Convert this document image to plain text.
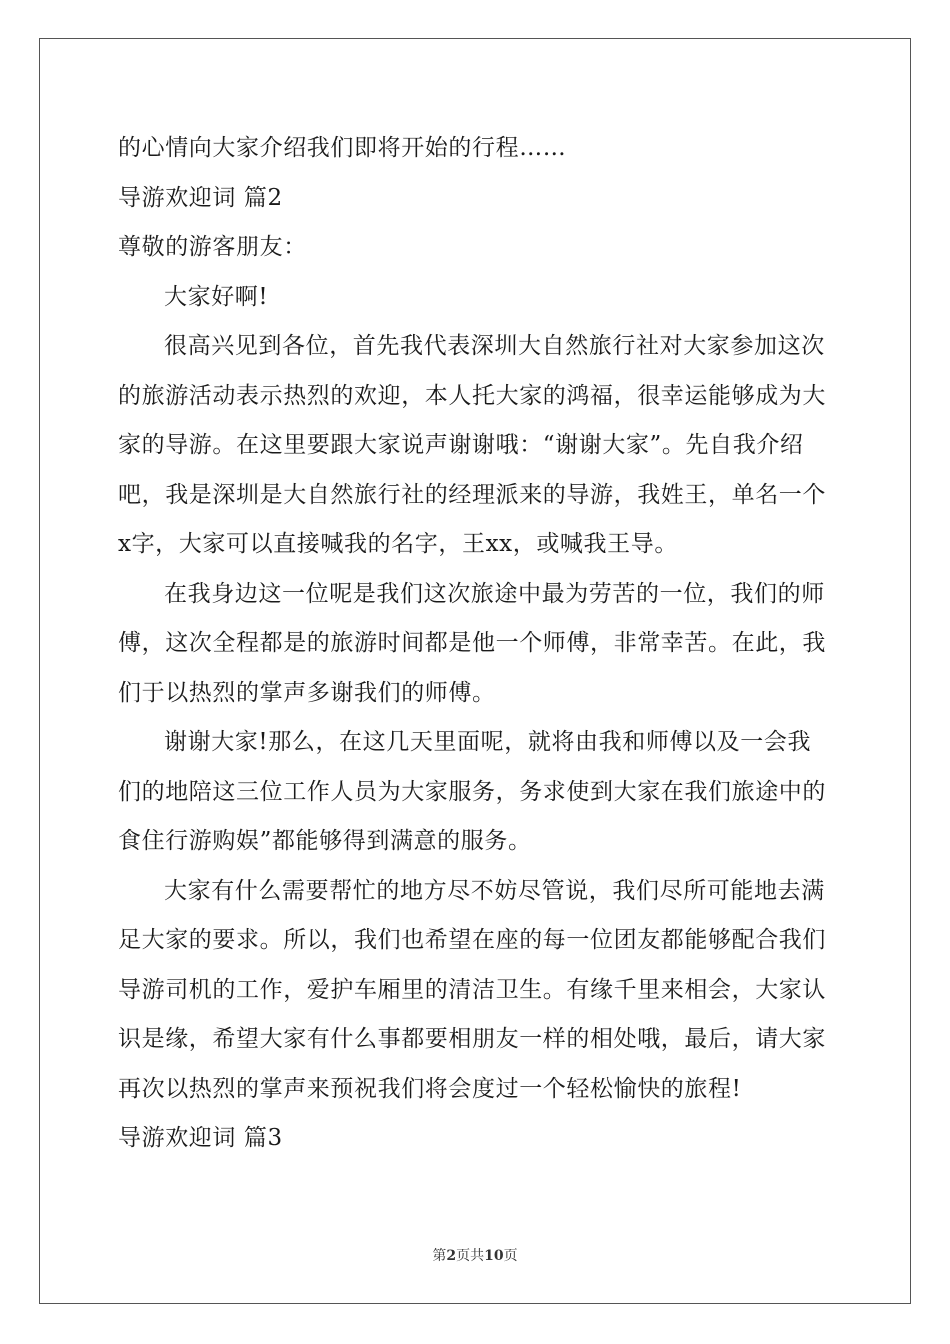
的心情向大家介绍我们即将开始的行程……
导游欢迎词 篇2
尊敬的游客朋友：
大家好啊!
很高兴见到各位，首先我代表深圳大自然旅行社对大家参加这次
的旅游活动表示热烈的欢迎，本人托大家的鸿福，很幸运能够成为大
家的导游。在这里要跟大家说声谢谢哦：“谢谢大家”。先自我介绍
吧，我是深圳是大自然旅行社的经理派来的导游，我姓王，单名一个
x字，大家可以直接喊我的名字，王xx，或喊我王导。
在我身边这一位呢是我们这次旅途中最为劳苦的一位，我们的师
傅，这次全程都是的旅游时间都是他一个师傅，非常幸苦。在此，我
们于以热烈的掌声多谢我们的师傅。
谢谢大家!那么，在这几天里面呢，就将由我和师傅以及一会我
们的地陪这三位工作人员为大家服务，务求使到大家在我们旅途中的
食住行游购娱”都能够得到满意的服务。
大家有什么需要帮忙的地方尽不妨尽管说，我们尽所可能地去满
足大家的要求。所以，我们也希望在座的每一位团友都能够配合我们
导游司机的工作，爱护车厢里的清洁卫生。有缘千里来相会，大家认
识是缘，希望大家有什么事都要相朋友一样的相处哦，最后，请大家
再次以热烈的掌声来预祝我们将会度过一个轻松愉快的旅程!
导游欢迎词 篇3
第2页共10页
